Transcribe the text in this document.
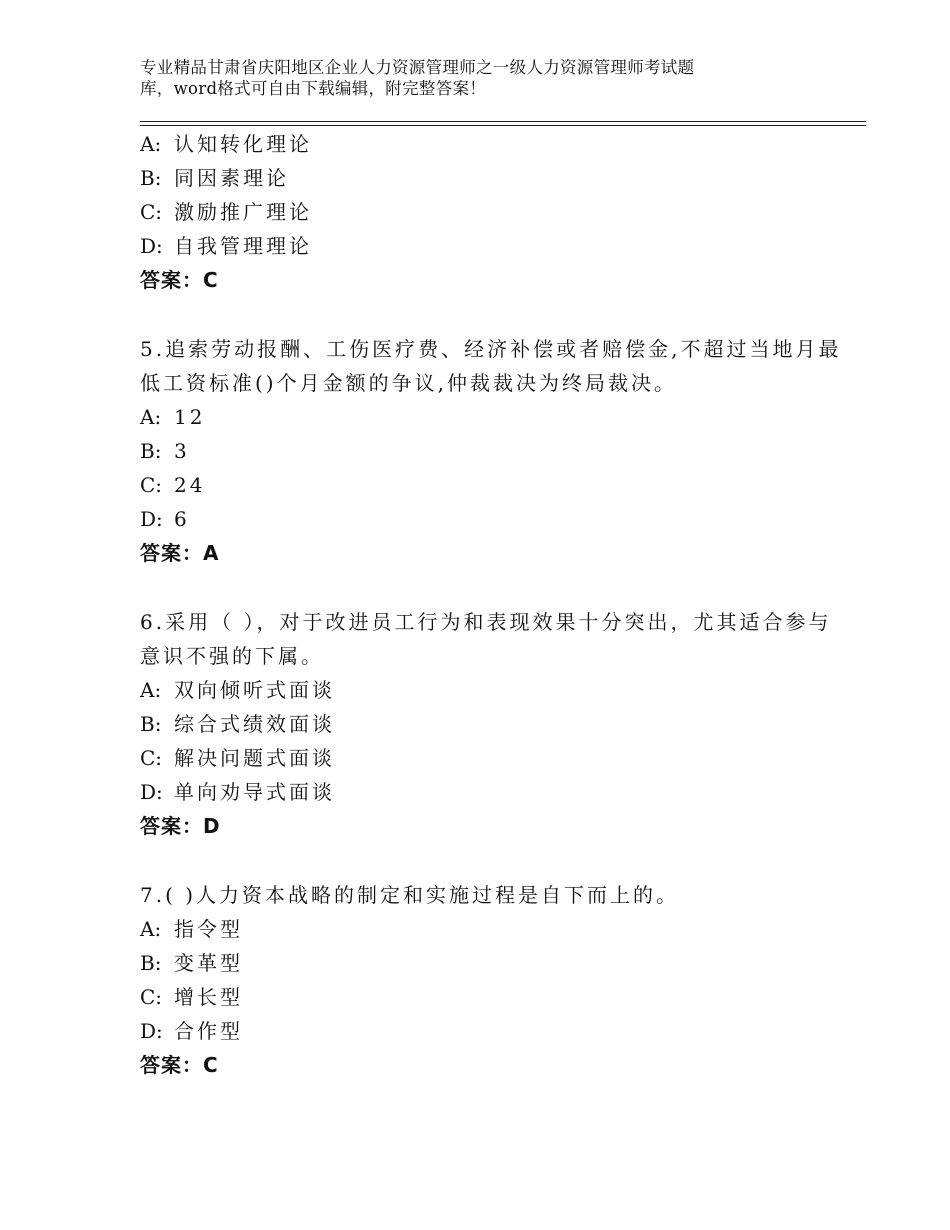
专业精品甘肃省庆阳地区企业人力资源管理师之一级人力资源管理师考试题
库，word格式可自由下载编辑，附完整答案！
A: 认知转化理论
B: 同因素理论
C: 激励推广理论
D: 自我管理理论
答案：C
5.追索劳动报酬、工伤医疗费、经济补偿或者赔偿金,不超过当地月最
低工资标准()个月金额的争议,仲裁裁决为终局裁决。
A: 12
B: 3
C: 24
D: 6
答案：A
6.采用（ ），对于改进员工行为和表现效果十分突出，尤其适合参与
意识不强的下属。
A: 双向倾听式面谈
B: 综合式绩效面谈
C: 解决问题式面谈
D: 单向劝导式面谈
答案：D
7.( )人力资本战略的制定和实施过程是自下而上的。
A: 指令型
B: 变革型
C: 增长型
D: 合作型
答案：C
